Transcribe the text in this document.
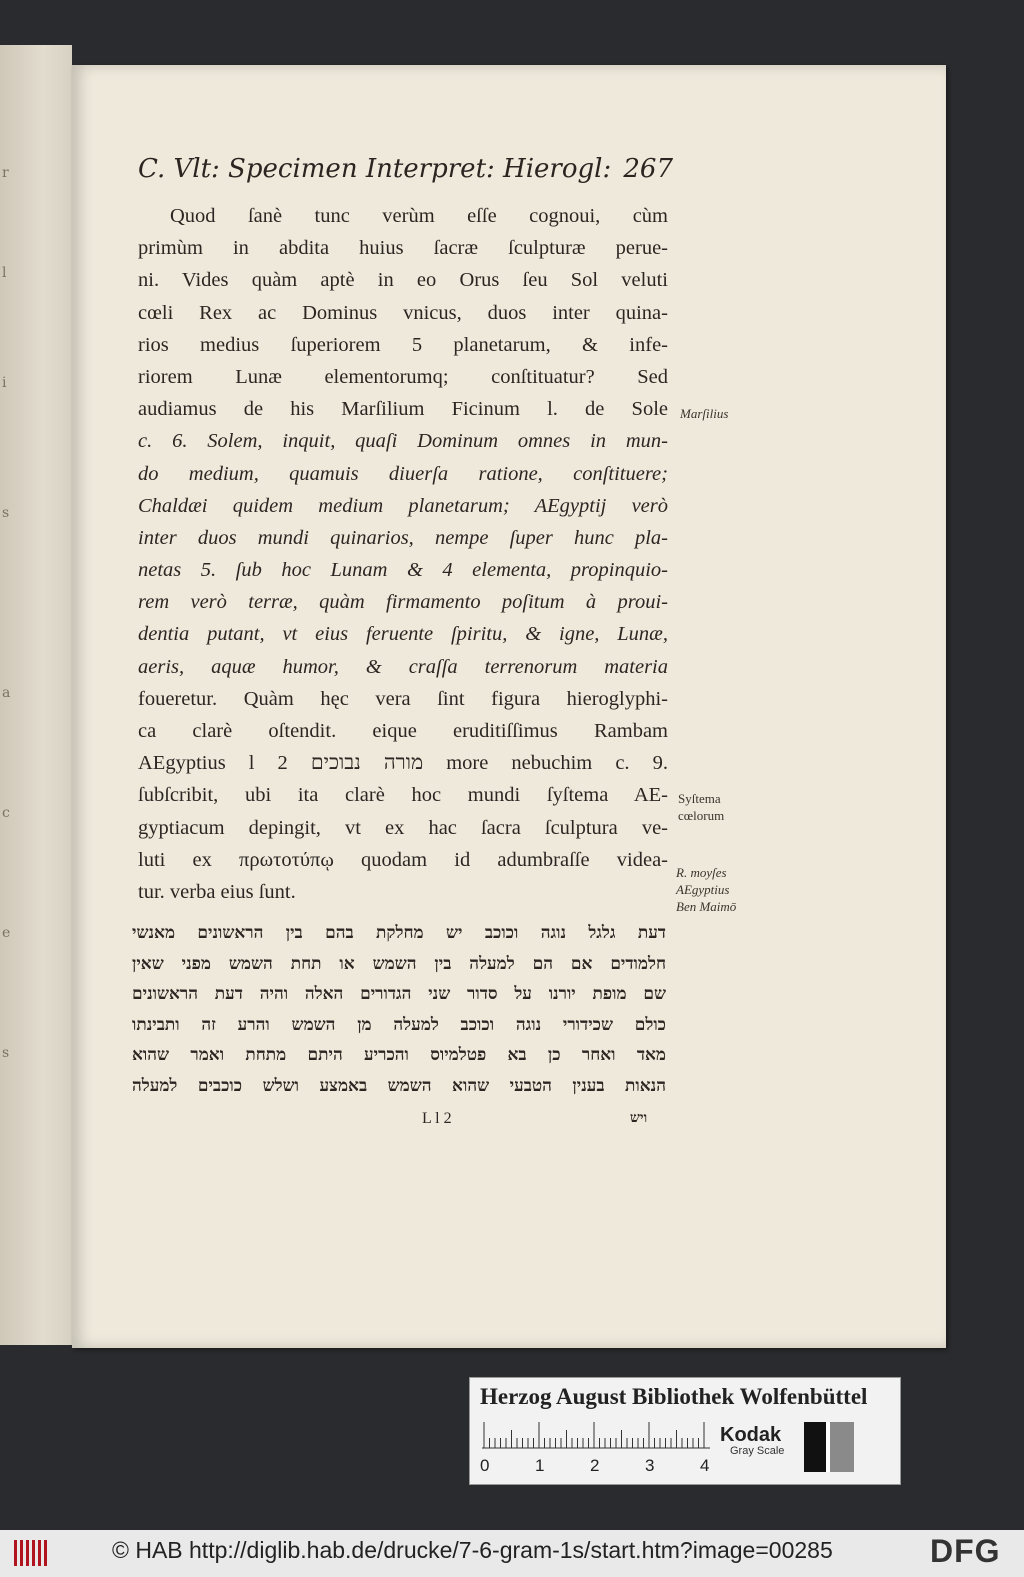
r
l
i
s
a
c
e
s
C. Vlt: Specimen Interpret: Hierogl: 267
Quod ſanè tunc verùm eſſe cognoui, cùm
primùm in abdita huius ſacræ ſculpturæ perue-
ni. Vides quàm aptè in eo Orus ſeu Sol veluti
cœli Rex ac Dominus vnicus, duos inter quina-
rios medius ſuperiorem 5 planetarum, & infe-
riorem Lunæ elementorumq; conſtituatur? Sed
audiamus de his Marſilium Ficinum l. de Sole
c. 6. Solem, inquit, quaſi Dominum omnes in mun-
do medium, quamuis diuerſa ratione, conſtituere;
Chaldæi quidem medium planetarum; AEgyptij verò
inter duos mundi quinarios, nempe ſuper hunc pla-
netas 5. ſub hoc Lunam & 4 elementa, propinquio-
rem verò terræ, quàm firmamento poſitum à proui-
dentia putant, vt eius feruente ſpiritu, & igne, Lunæ,
aeris, aquæ humor, & craſſa terrenorum materia
foueretur. Quàm hęc vera ſint figura hieroglyphi-
ca clarè oſtendit. eique eruditiſſimus Rambam
AEgyptius l 2 מורה נבוכים more nebuchim c. 9.
ſubſcribit, ubi ita clarè hoc mundi ſyſtema AE-
gyptiacum depingit, vt ex hac ſacra ſculptura ve-
luti ex πρωτοτύπῳ quodam id adumbraſſe videa-
tur. verba eius ſunt.
Marſilius
Syſtema
cœlorum
R. moyſes
AEgyptius
Ben Maimō
דעת גלגל נוגה וכוכב יש מחלקת בהם בין הראשונים מאנשי
חלמודים אם הם למעלה בין השמש או תחת השמש מפני שאין
שם מופת יורנו על סדור שני הגדורים האלה והיה דעת הראשונים
כולם שכידורי נוגה וכוכב למעלה מן השמש והרע זה ותבינתו
מאד ואחר כן בא פטלמיוס והכריע היתם מתחת ואמר שהוא
הנאות בענין הטבעי שהוא השמש באמצע ושלש כוכבים למעלה
L l 2	ויש
Herzog August Bibliothek Wolfenbüttel
0	1	2	3	4
Kodak
Gray Scale
© HAB http://diglib.hab.de/drucke/7-6-gram-1s/start.htm?image=00285	DFG
